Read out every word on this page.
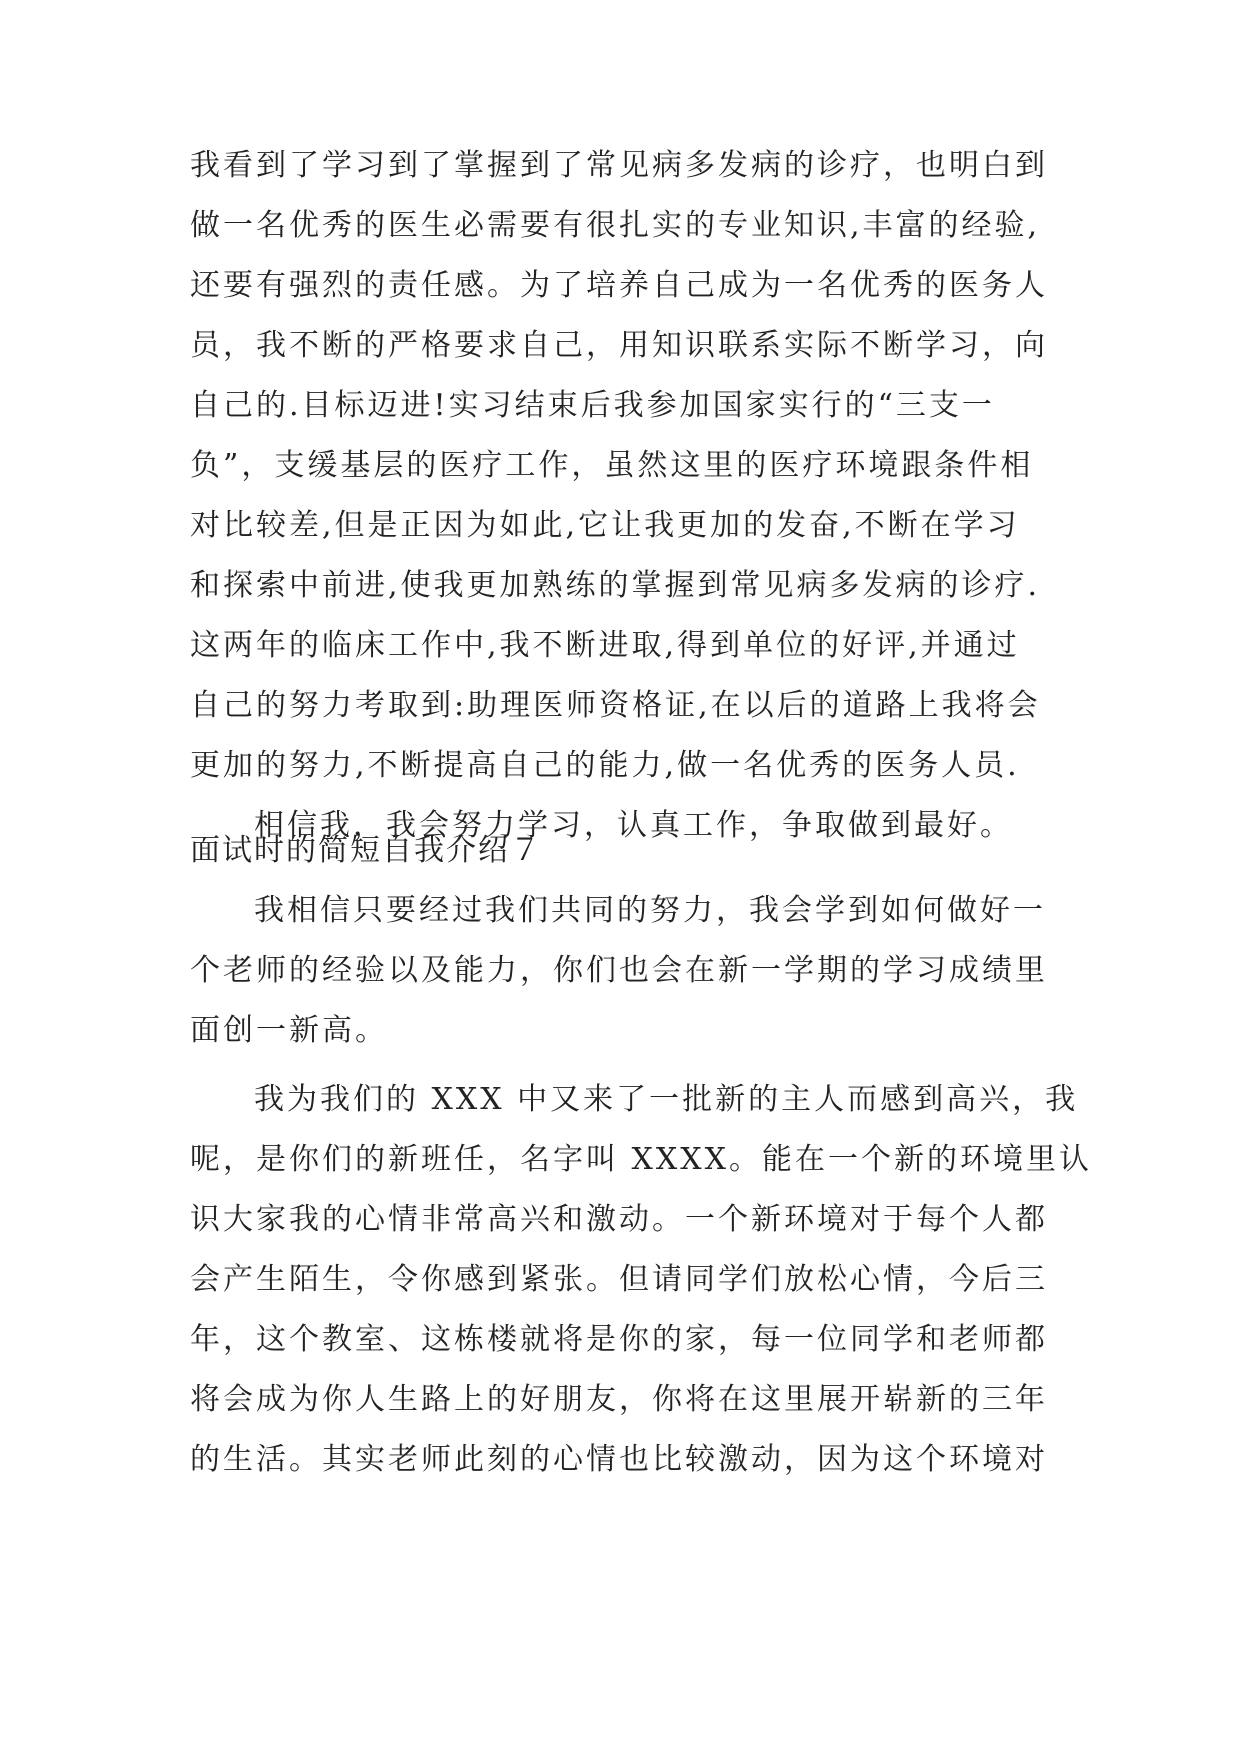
我看到了学习到了掌握到了常见病多发病的诊疗，也明白到
做一名优秀的医生必需要有很扎实的专业知识,丰富的经验,
还要有强烈的责任感。为了培养自己成为一名优秀的医务人
员，我不断的严格要求自己，用知识联系实际不断学习，向
自己的.目标迈进!实习结束后我参加国家实行的“三支一
负”，支缓基层的医疗工作，虽然这里的医疗环境跟条件相
对比较差,但是正因为如此,它让我更加的发奋,不断在学习
和探索中前进,使我更加熟练的掌握到常见病多发病的诊疗.
这两年的临床工作中,我不断进取,得到单位的好评,并通过
自己的努力考取到:助理医师资格证,在以后的道路上我将会
更加的努力,不断提高自己的能力,做一名优秀的医务人员.
相信我，我会努力学习，认真工作，争取做到最好。
面试时的简短自我介绍７
我相信只要经过我们共同的努力，我会学到如何做好一
个老师的经验以及能力，你们也会在新一学期的学习成绩里
面创一新高。
我为我们的 XXX 中又来了一批新的主人而感到高兴，我
呢，是你们的新班任，名字叫 XXXX。能在一个新的环境里认
识大家我的心情非常高兴和激动。一个新环境对于每个人都
会产生陌生，令你感到紧张。但请同学们放松心情，今后三
年，这个教室、这栋楼就将是你的家，每一位同学和老师都
将会成为你人生路上的好朋友，你将在这里展开崭新的三年
的生活。其实老师此刻的心情也比较激动，因为这个环境对
